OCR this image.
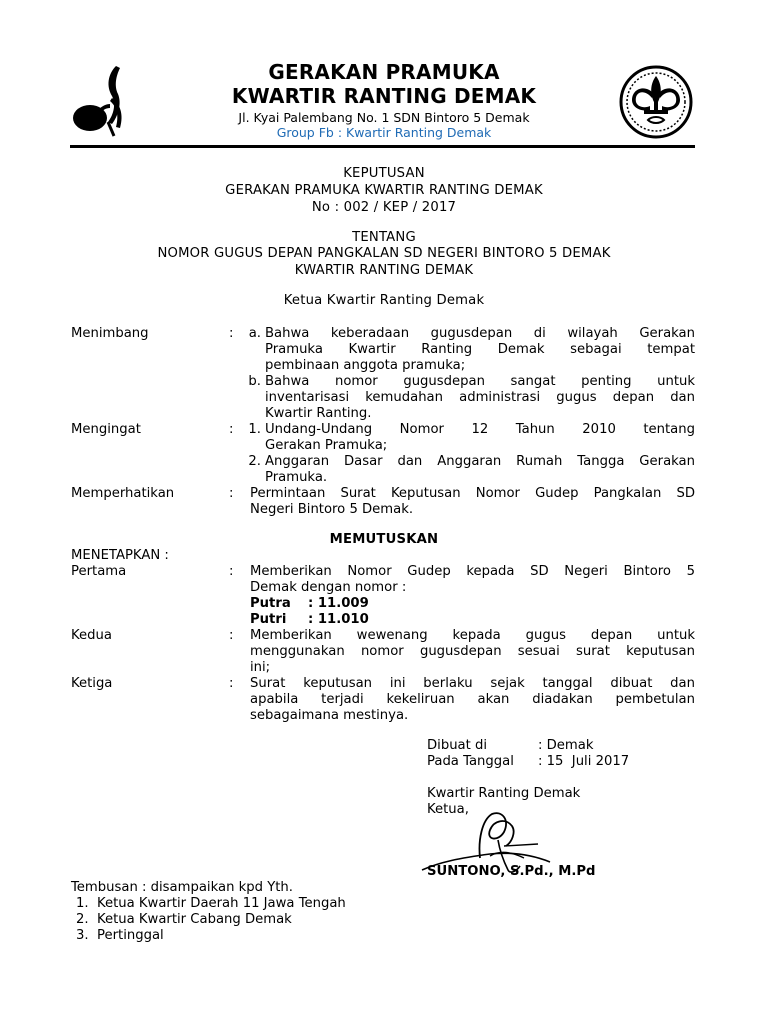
GERAKAN PRAMUKA
KWARTIR RANTING DEMAK
Jl. Kyai Palembang No. 1 SDN Bintoro 5 Demak
Group Fb : Kwartir Ranting Demak
KEPUTUSAN
GERAKAN PRAMUKA KWARTIR RANTING DEMAK
No : 002 / KEP / 2017
TENTANG
NOMOR GUGUS DEPAN PANGKALAN SD NEGERI BINTORO 5 DEMAK
KWARTIR RANTING DEMAK
Ketua Kwartir Ranting Demak
Menimbang	:	a. Bahwa keberadaan gugusdepan di wilayah Gerakan
Pramuka Kwartir Ranting Demak sebagai tempat
pembinaan anggota pramuka;
b. Bahwa nomor gugusdepan sangat penting untuk
inventarisasi kemudahan administrasi gugus depan dan
Kwartir Ranting.
Mengingat	:	1. Undang-Undang Nomor 12 Tahun 2010 tentang
Gerakan Pramuka;
2. Anggaran Dasar dan Anggaran Rumah Tangga Gerakan
Pramuka.
Memperhatikan	: Permintaan Surat Keputusan Nomor Gudep Pangkalan SD
Negeri Bintoro 5 Demak.
MEMUTUSKAN
MENETAPKAN :
Pertama	: Memberikan Nomor Gudep kepada SD Negeri Bintoro 5
Demak dengan nomor :
Putra : 11.009
Putri : 11.010
Kedua	: Memberikan wewenang kepada gugus depan untuk
menggunakan nomor gugusdepan sesuai surat keputusan
ini;
Ketiga	: Surat keputusan ini berlaku sejak tanggal dibuat dan
apabila terjadi kekeliruan akan diadakan pembetulan
sebagaimana mestinya.
Dibuat di	: Demak
Pada Tanggal : 15  Juli 2017
Kwartir Ranting Demak
Ketua,
SUNTONO, S.Pd., M.Pd
Tembusan : disampaikan kpd Yth.
1. Ketua Kwartir Daerah 11 Jawa Tengah
2. Ketua Kwartir Cabang Demak
3. Pertinggal
